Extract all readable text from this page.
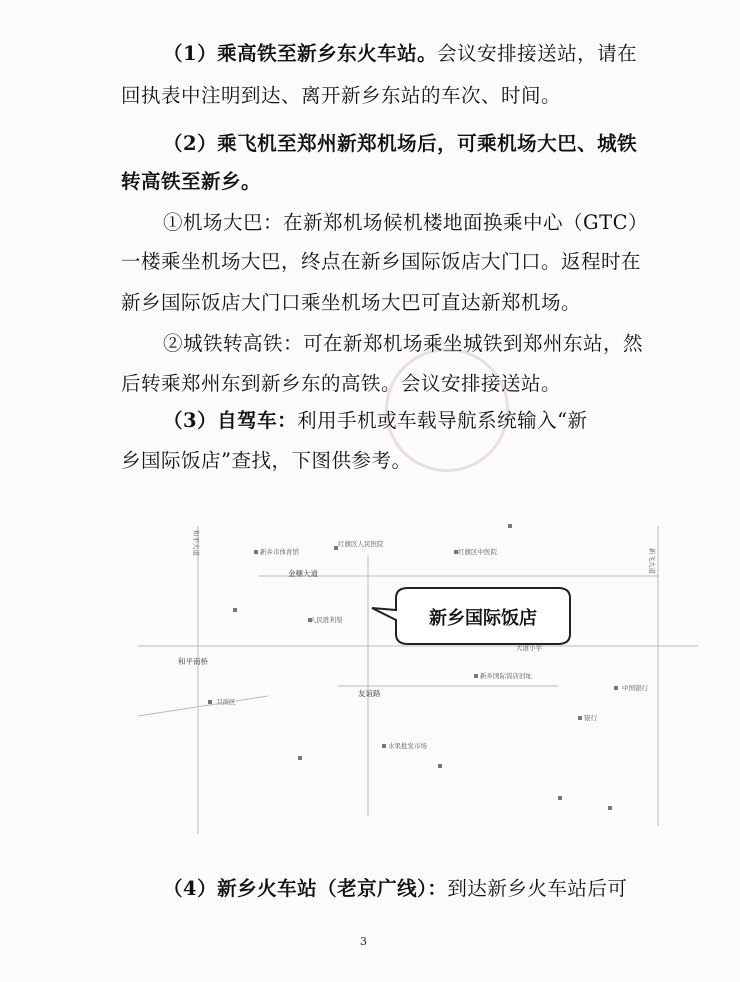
（1）乘高铁至新乡东火车站。会议安排接送站，请在
回执表中注明到达、离开新乡东站的车次、时间。
（2）乘飞机至郑州新郑机场后，可乘机场大巴、城铁
转高铁至新乡。
①机场大巴：在新郑机场候机楼地面换乘中心（GTC）
一楼乘坐机场大巴，终点在新乡国际饭店大门口。返程时在
新乡国际饭店大门口乘坐机场大巴可直达新郑机场。
②城铁转高铁：可在新郑机场乘坐城铁到郑州东站，然
后转乘郑州东到新乡东的高铁。会议安排接送站。
（3）自驾车：利用手机或车载导航系统输入“新
乡国际饭店”查找，下图供参考。
新乡市体育馆
红旗区人民医院
金穗大道
红旗区中医院	新飞大道
和平大道
和平南桥
友谊路
大道小学
人民胜利渠
中国银行
新乡国际饭店旧址
卫滨区
水果批发市场
银行
新乡国际饭店
（4）新乡火车站（老京广线）：到达新乡火车站后可
3
